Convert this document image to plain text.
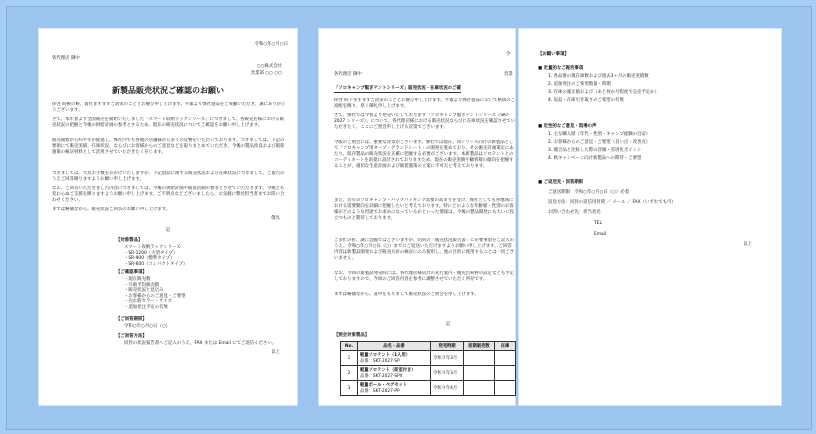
各代理店 御中
令和○年○月○日
○○株式会社
営業部 ○○ ○○
新製品販売状況ご確認のお願い
拝啓 時候の候、貴社ますますご清栄のこととお慶び申し上げます。平素より弊社製品をご愛顧いただき、誠にありがとうございます。
さて、本年春より全国販売を開始いたしました「スマート収納ラックシリーズ」につきまして、各販売店様における販売状況の把握と今後の供給計画の参考とするため、現在の販売状況についてご確認をお願い申し上げます。
販売開始から約半年が経過し、弊社内でも各地の店舗様から多くの反響をいただいております。つきましては、下記の要領にて販売実績、在庫状況、ならびにお客様からのご意見などを取りまとめていただき、今後の製品改良および販促施策の検討材料として活用させていただきたく存じます。
つきましては、大変お手数をおかけいたしますが、下記項品に関する販売状況および在庫状況につきまして、ご報告のうえご回答賜りますようお願い申し上げます。
なお、ご回答いただきました内容につきましては、今後の供給計画や販促活動の参考とさせていただきます。今後とも変わらぬご支援を賜りますようお願い申し上げます。ご不明点などございましたら、お気軽に弊社担当者までお問い合わせください。
まずは略儀ながら、販売状況ご回答のお願い申し上げます。
敬具
記
【対象製品】
スマート収納ラックシリーズ
・SR-1200（大型タイプ）
・SR-900（標準タイプ）
・SR-600（コンパクトタイプ）
【ご確認事項】
・現在販売数
・月販平均販売数
・販売状況と見込み
・お客様からのご意見・ご要望
・売れ筋カラー・サイズ
・追加発注予定の有無
【ご回答期限】
令和○年○月○日（○）
【ご回答方法】
同封の状況報告書へご記入のうえ、FAX または Email にてご返信ください。
以上
各代理店 御中
令
営業
「ソロキャンプ艇ぎテントシリーズ」販売状況・在庫状況のご確
拝啓 時下ますますご清栄のこととお慶び申し上げます。平素より弊社製品において格別のご高配を賜り、厚く御礼申し上げます。
さて、弊社では今春より発売いたしております「ソロキャンプ艇ぎテントシリーズ（SKT-2027 シリーズ）」について、各代理店様における販売状況ならびに在庫状況を確認させていただきたく、ここにご照会申し上げる次第でございます。
今般のご照会には、重要な背景がございます。弊社では現在、同シリーズ向けの新製品として「ソロキャンプ用タープ・グランドシート」の開発を進めており、その販売計画策定にあたり、既存製品の販売状況を正確に把握する必要がございます。本新製品はソロテントとのコーディネートを前提に設計されておりますため、現在の販売実績や顧客層の傾向を把握することが、適切な生産計画および販促施策の立案に不可欠と考えております。
また、近年のソロキャンプ・バックパッキング需要の高まりを受け、弊社としても各地域における需要動向を詳細に把握したいと考えております。特にどのような年齢層・性別のお客様がどのような用途でお求めになっているかといった情報は、今後の製品開発にも大いに役立つものと期待しております。
ご多忙の折、誠に恐縮ではございますが、同封の「販売状況報告書」に必要事項をご記入のうえ、令和○年○月○日（○）までにご返送いただけますようお願い申し上げます。ご回答内容は新製品開発および販売方針の検討にのみ使用し、他の目的に使用することは一切ございません。
なお、今回の新製品発売時には、各代理店様向けの先行案内・優先出荷枠の設定なども予定しておりますので、今回のご回答内容を参考に調整させていただく所存です。
まずは略儀ながら、書中をもちまして販売状況のご照会を申し上げます。
記
【照会対象製品】
No.	品名・品番	発売時期	前期販売数	在庫
1	軽量ソロテント（1人用）
品番：SKT-2027-SP	令和９年3月		
2	軽量ソロテント（前室付き）
品番：SKT-2027-SPX	令和９年3月		
3	軽量ポール・ペグセット
品番：SKT-2027-PP	令和９年4月		
【お願い事項】
■ 定量的なご報告事項
1. 各品番の現在庫数および過去3ヶ月の販売実績数
2. 追加発注のご希望数量・時期
3. 在庫の適正値および（あと何か月程度で完売予定か）
4. 返品・在庫引き取りのご希望の有無
■ 定性的なご意見・現場の声
1. 主な購入層（年代・性別・キャンプ経験の目安）
2. お客様からのご意見・ご要望（良い点・改善点）
3. 競合品と比較した際の評価・差別化ポイント
4. 秋キャンペーン向け新製品への期待・ご要望
■ ご返送先・回答期限
ご返送期限：令和○年○月○日（○）必着
返送方法：同封の返信用封筒 ／ メール ／ FAX（いずれでも可）
お問い合わせ先：担当者名
TEL
Email
以上
